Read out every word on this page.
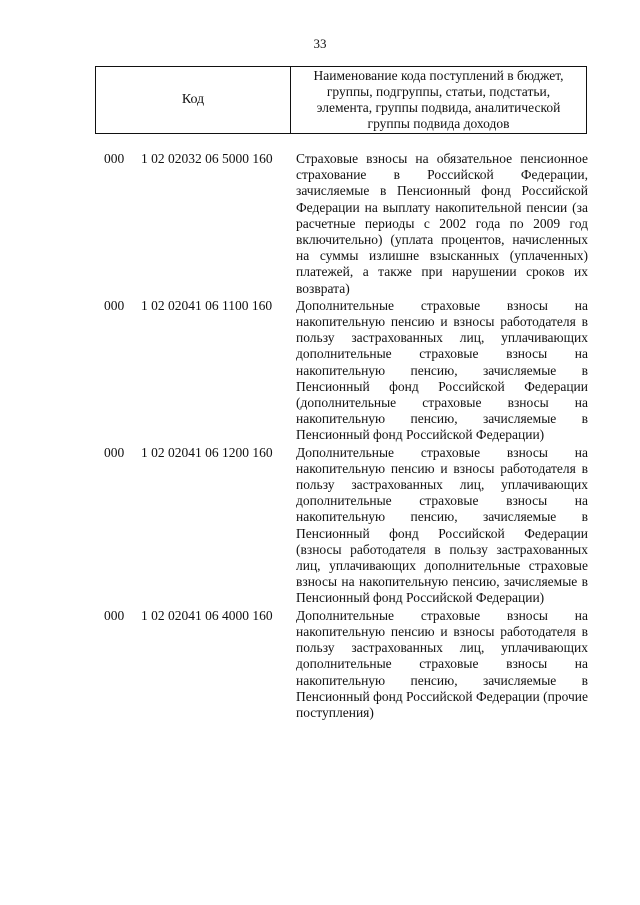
33
Код
Наименование кода поступлений в бюджет,
группы, подгруппы, статьи, подстатьи,
элемента, группы подвида, аналитической
группы подвида доходов
000 1 02 02032 06 5000 160 Страховые взносы на обязательное пенсионное страхование в Российской Федерации, зачисляемые в Пенсионный фонд Российской Федерации на выплату накопительной пенсии (за расчетные периоды с 2002 года по 2009 год включительно) (уплата процентов, начисленных на суммы излишне взысканных (уплаченных) платежей, а также при нарушении сроков их возврата)
000 1 02 02041 06 1100 160 Дополнительные страховые взносы на накопительную пенсию и взносы работодателя в пользу застрахованных лиц, уплачивающих дополнительные страховые взносы на накопительную пенсию, зачисляемые в Пенсионный фонд Российской Федерации (дополнительные страховые взносы на накопительную пенсию, зачисляемые в Пенсионный фонд Российской Федерации)
000 1 02 02041 06 1200 160 Дополнительные страховые взносы на накопительную пенсию и взносы работодателя в пользу застрахованных лиц, уплачивающих дополнительные страховые взносы на накопительную пенсию, зачисляемые в Пенсионный фонд Российской Федерации (взносы работодателя в пользу застрахованных лиц, уплачивающих дополнительные страховые взносы на накопительную пенсию, зачисляемые в Пенсионный фонд Российской Федерации)
000 1 02 02041 06 4000 160 Дополнительные страховые взносы на накопительную пенсию и взносы работодателя в пользу застрахованных лиц, уплачивающих дополнительные страховые взносы на накопительную пенсию, зачисляемые в Пенсионный фонд Российской Федерации (прочие поступления)
